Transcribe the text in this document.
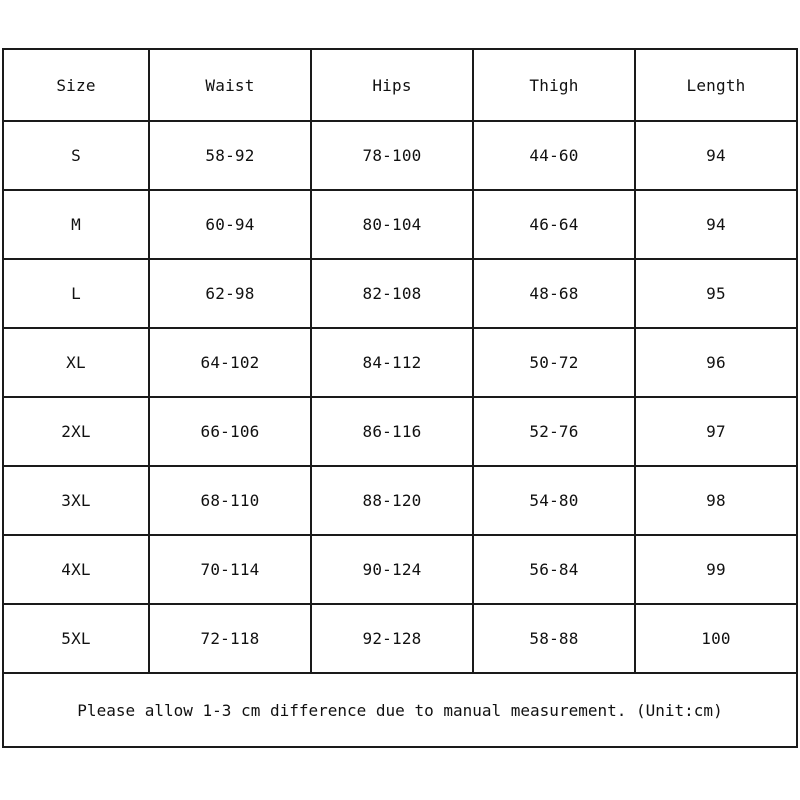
Size	Waist	Hips	Thigh	Length
S	58-92	78-100	44-60	94
M	60-94	80-104	46-64	94
L	62-98	82-108	48-68	95
XL	64-102	84-112	50-72	96
2XL	66-106	86-116	52-76	97
3XL	68-110	88-120	54-80	98
4XL	70-114	90-124	56-84	99
5XL	72-118	92-128	58-88	100
Please allow 1-3 cm difference due to manual measurement. (Unit:cm)
